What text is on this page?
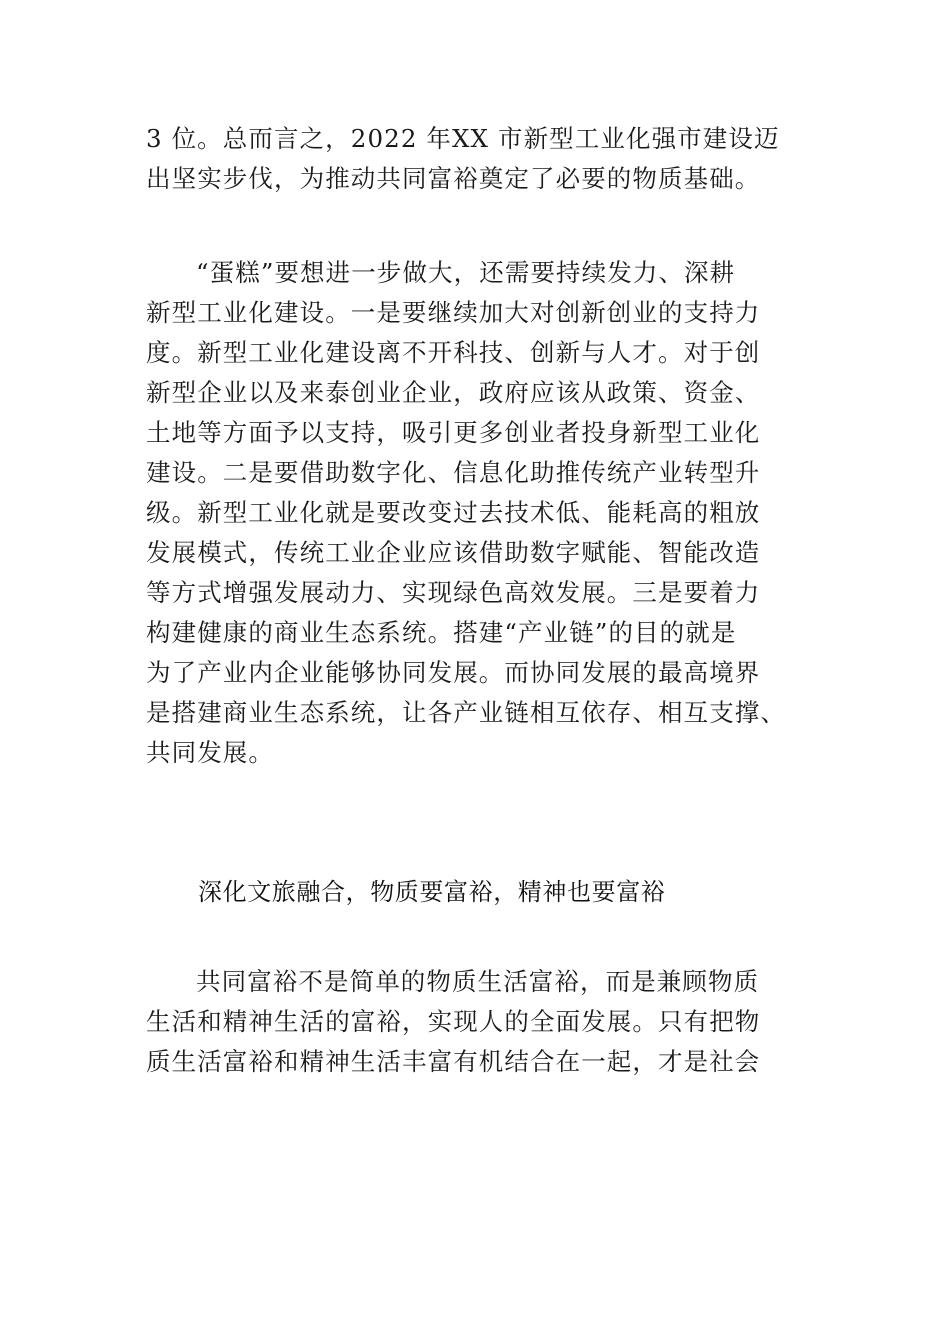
3 位。总而言之，2022 年XX 市新型工业化强市建设迈
出坚实步伐，为推动共同富裕奠定了必要的物质基础。
“蛋糕”要想进一步做大，还需要持续发力、深耕
新型工业化建设。一是要继续加大对创新创业的支持力
度。新型工业化建设离不开科技、创新与人才。对于创
新型企业以及来泰创业企业，政府应该从政策、资金、
土地等方面予以支持，吸引更多创业者投身新型工业化
建设。二是要借助数字化、信息化助推传统产业转型升
级。新型工业化就是要改变过去技术低、能耗高的粗放
发展模式，传统工业企业应该借助数字赋能、智能改造
等方式增强发展动力、实现绿色高效发展。三是要着力
构建健康的商业生态系统。搭建“产业链”的目的就是
为了产业内企业能够协同发展。而协同发展的最高境界
是搭建商业生态系统，让各产业链相互依存、相互支撑、
共同发展。
深化文旅融合，物质要富裕，精神也要富裕
共同富裕不是简单的物质生活富裕，而是兼顾物质
生活和精神生活的富裕，实现人的全面发展。只有把物
质生活富裕和精神生活丰富有机结合在一起，才是社会
